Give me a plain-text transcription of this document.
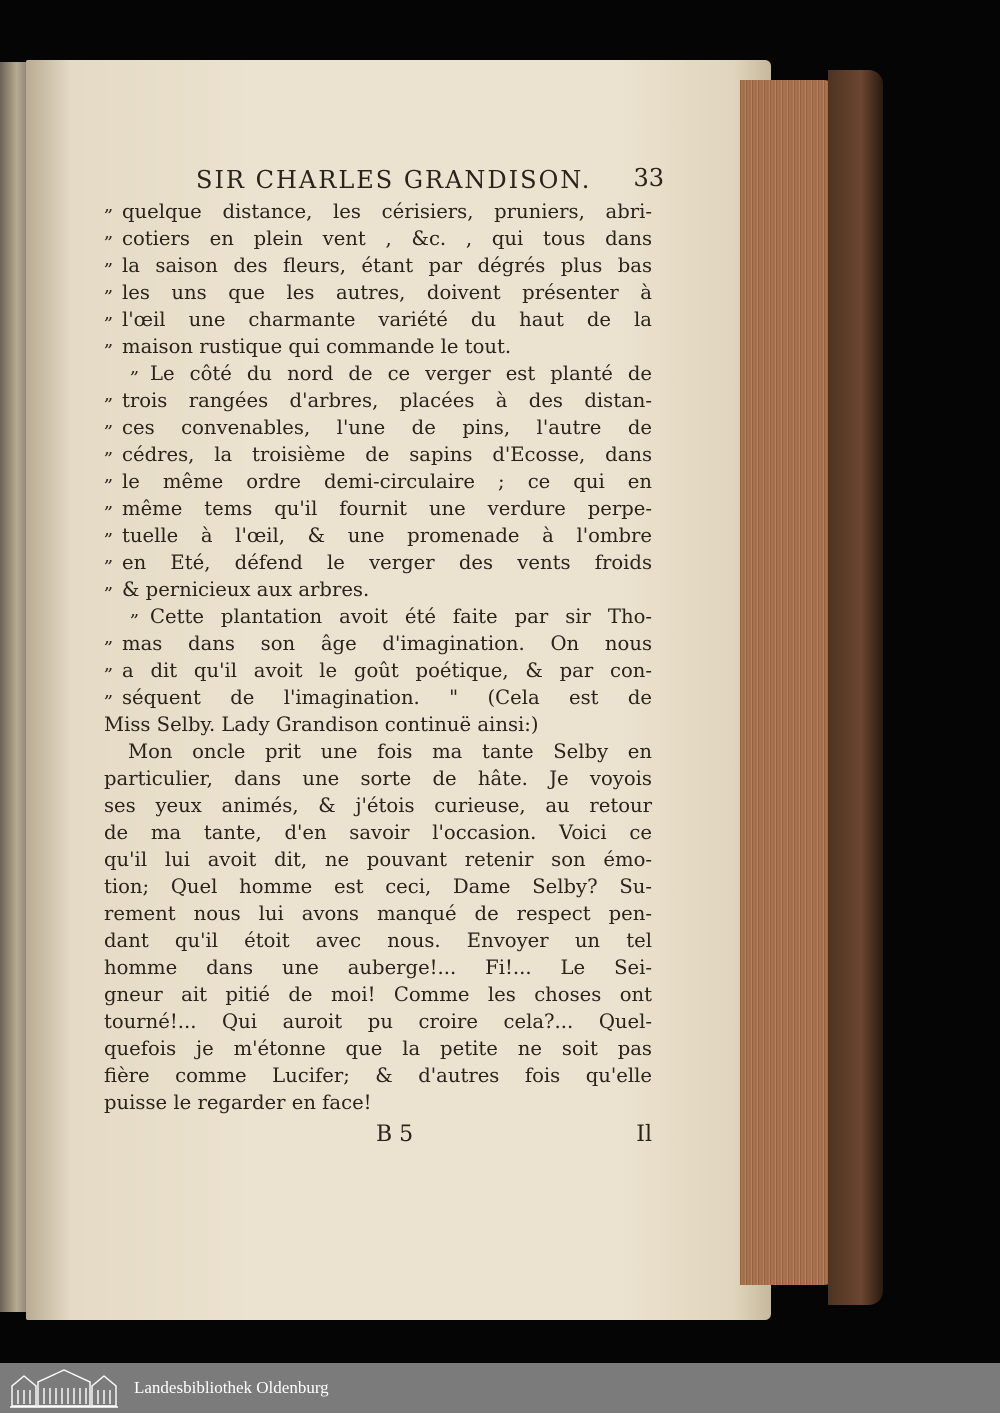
SIR CHARLES GRANDISON. 33
„ quelque distance, les cérisiers, pruniers, abri-
„ cotiers en plein vent , &c. , qui tous dans
„ la saison des fleurs, étant par dégrés plus bas
„ les uns que les autres, doivent présenter à
„ l'œil une charmante variété du haut de la
„ maison rustique qui commande le tout.
„ Le côté du nord de ce verger est planté de
„ trois rangées d'arbres, placées à des distan-
„ ces convenables, l'une de pins, l'autre de
„ cédres, la troisième de sapins d'Ecosse, dans
„ le même ordre demi-circulaire ; ce qui en
„ même tems qu'il fournit une verdure perpe-
„ tuelle à l'œil, & une promenade à l'ombre
„ en Eté, défend le verger des vents froids
„ & pernicieux aux arbres.
„ Cette plantation avoit été faite par sir Tho-
„ mas dans son âge d'imagination. On nous
„ a dit qu'il avoit le goût poétique, & par con-
„ séquent de l'imagination. " (Cela est de
Miss Selby. Lady Grandison continuë ainsi:)
Mon oncle prit une fois ma tante Selby en
particulier, dans une sorte de hâte. Je voyois
ses yeux animés, & j'étois curieuse, au retour
de ma tante, d'en savoir l'occasion. Voici ce
qu'il lui avoit dit, ne pouvant retenir son émo-
tion; Quel homme est ceci, Dame Selby? Su-
rement nous lui avons manqué de respect pen-
dant qu'il étoit avec nous. Envoyer un tel
homme dans une auberge!... Fi!... Le Sei-
gneur ait pitié de moi! Comme les choses ont
tourné!... Qui auroit pu croire cela?... Quel-
quefois je m'étonne que la petite ne soit pas
fière comme Lucifer; & d'autres fois qu'elle
puisse le regarder en face!
B 5	Il
Landesbibliothek Oldenburg
